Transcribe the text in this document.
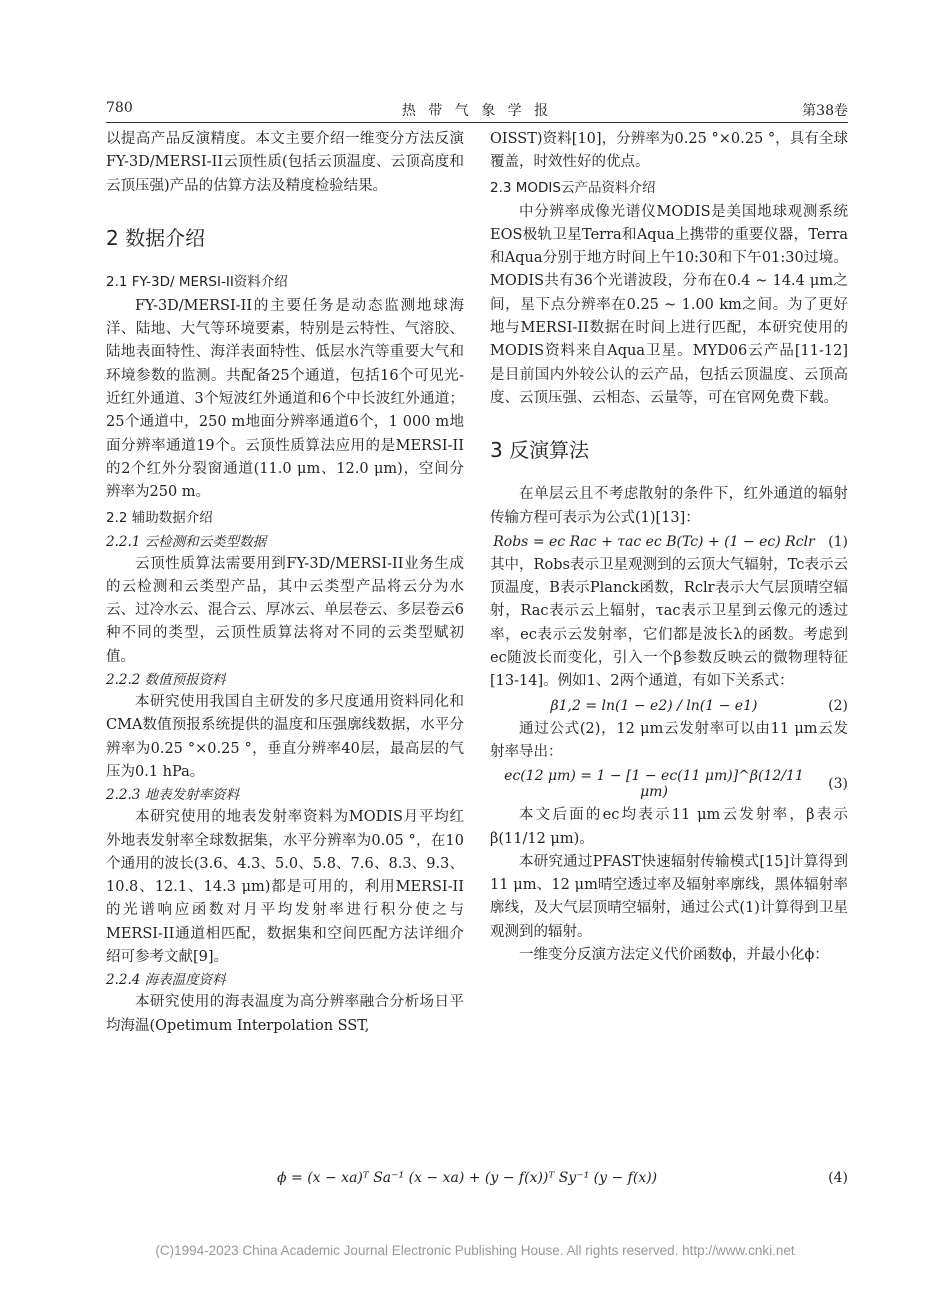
780	热 带 气 象 学 报	第38卷

以提高产品反演精度。本文主要介绍一维变分方法反演FY-3D/MERSI-II云顶性质(包括云顶温度、云顶高度和云顶压强)产品的估算方法及精度检验结果。

2 数据介绍
2.1 FY-3D/ MERSI-II资料介绍

FY-3D/MERSI-II的主要任务是动态监测地球海洋、陆地、大气等环境要素，特别是云特性、气溶胶、陆地表面特性、海洋表面特性、低层水汽等重要大气和环境参数的监测。共配备25个通道，包括16个可见光-近红外通道、3个短波红外通道和6个中长波红外通道；25个通道中，250 m地面分辨率通道6个，1 000 m地面分辨率通道19个。云顶性质算法应用的是MERSI-II的2个红外分裂窗通道(11.0 μm、12.0 μm)，空间分辨率为250 m。

2.2 辅助数据介绍
2.2.1 云检测和云类型数据

云顶性质算法需要用到FY-3D/MERSI-II业务生成的云检测和云类型产品，其中云类型产品将云分为水云、过冷水云、混合云、厚冰云、单层卷云、多层卷云6种不同的类型，云顶性质算法将对不同的云类型赋初值。

2.2.2 数值预报资料

本研究使用我国自主研发的多尺度通用资料同化和CMA数值预报系统提供的温度和压强廓线数据，水平分辨率为0.25 °×0.25 °，垂直分辨率40层，最高层的气压为0.1 hPa。

2.2.3 地表发射率资料

本研究使用的地表发射率资料为MODIS月平均红外地表发射率全球数据集，水平分辨率为0.05 °，在10个通用的波长(3.6、4.3、5.0、5.8、7.6、8.3、9.3、10.8、12.1、14.3 μm)都是可用的，利用MERSI-II的光谱响应函数对月平均发射率进行积分使之与MERSI-II通道相匹配，数据集和空间匹配方法详细介绍可参考文献[9]。

2.2.4 海表温度资料

本研究使用的海表温度为高分辨率融合分析场日平均海温(Opetimum Interpolation SST,

OISST)资料[10]，分辨率为0.25 °×0.25 °，具有全球覆盖，时效性好的优点。

2.3 MODIS云产品资料介绍

中分辨率成像光谱仪MODIS是美国地球观测系统EOS极轨卫星Terra和Aqua上携带的重要仪器，Terra和Aqua分别于地方时间上午10:30和下午01:30过境。MODIS共有36个光谱波段，分布在0.4 ~ 14.4 μm之间，星下点分辨率在0.25 ~ 1.00 km之间。为了更好地与MERSI-II数据在时间上进行匹配，本研究使用的MODIS资料来自Aqua卫星。MYD06云产品[11-12]是目前国内外较公认的云产品，包括云顶温度、云顶高度、云顶压强、云相态、云量等，可在官网免费下载。

3 反演算法

在单层云且不考虑散射的条件下，红外通道的辐射传输方程可表示为公式(1)[13]：

Robs = ec Rac + τac ec B(Tc) + (1 − ec) Rclr (1)

其中，Robs表示卫星观测到的云顶大气辐射，Tc表示云顶温度，B表示Planck函数，Rclr表示大气层顶晴空辐射，Rac表示云上辐射，τac表示卫星到云像元的透过率，ec表示云发射率，它们都是波长λ的函数。考虑到ec随波长而变化，引入一个β参数反映云的微物理特征[13-14]。例如1、2两个通道，有如下关系式：

β1,2 = ln(1 − e2) / ln(1 − e1)	(2)

通过公式(2)，12 μm云发射率可以由11 μm云发射率导出：

ec(12 μm) = 1 − [1 − ec(11 μm)]^β(12/11 μm)	(3)

本文后面的ec均表示11 μm云发射率，β表示β(11/12 μm)。

本研究通过PFAST快速辐射传输模式[15]计算得到11 μm、12 μm晴空透过率及辐射率廓线，黑体辐射率廓线，及大气层顶晴空辐射，通过公式(1)计算得到卫星观测到的辐射。

一维变分反演方法定义代价函数ϕ，并最小化ϕ：

ϕ = (x − xa)ᵀ Sa⁻¹ (x − xa) + (y − f(x))ᵀ Sy⁻¹ (y − f(x))	(4)
(C)1994-2023 China Academic Journal Electronic Publishing House. All rights reserved. http://www.cnki.net
